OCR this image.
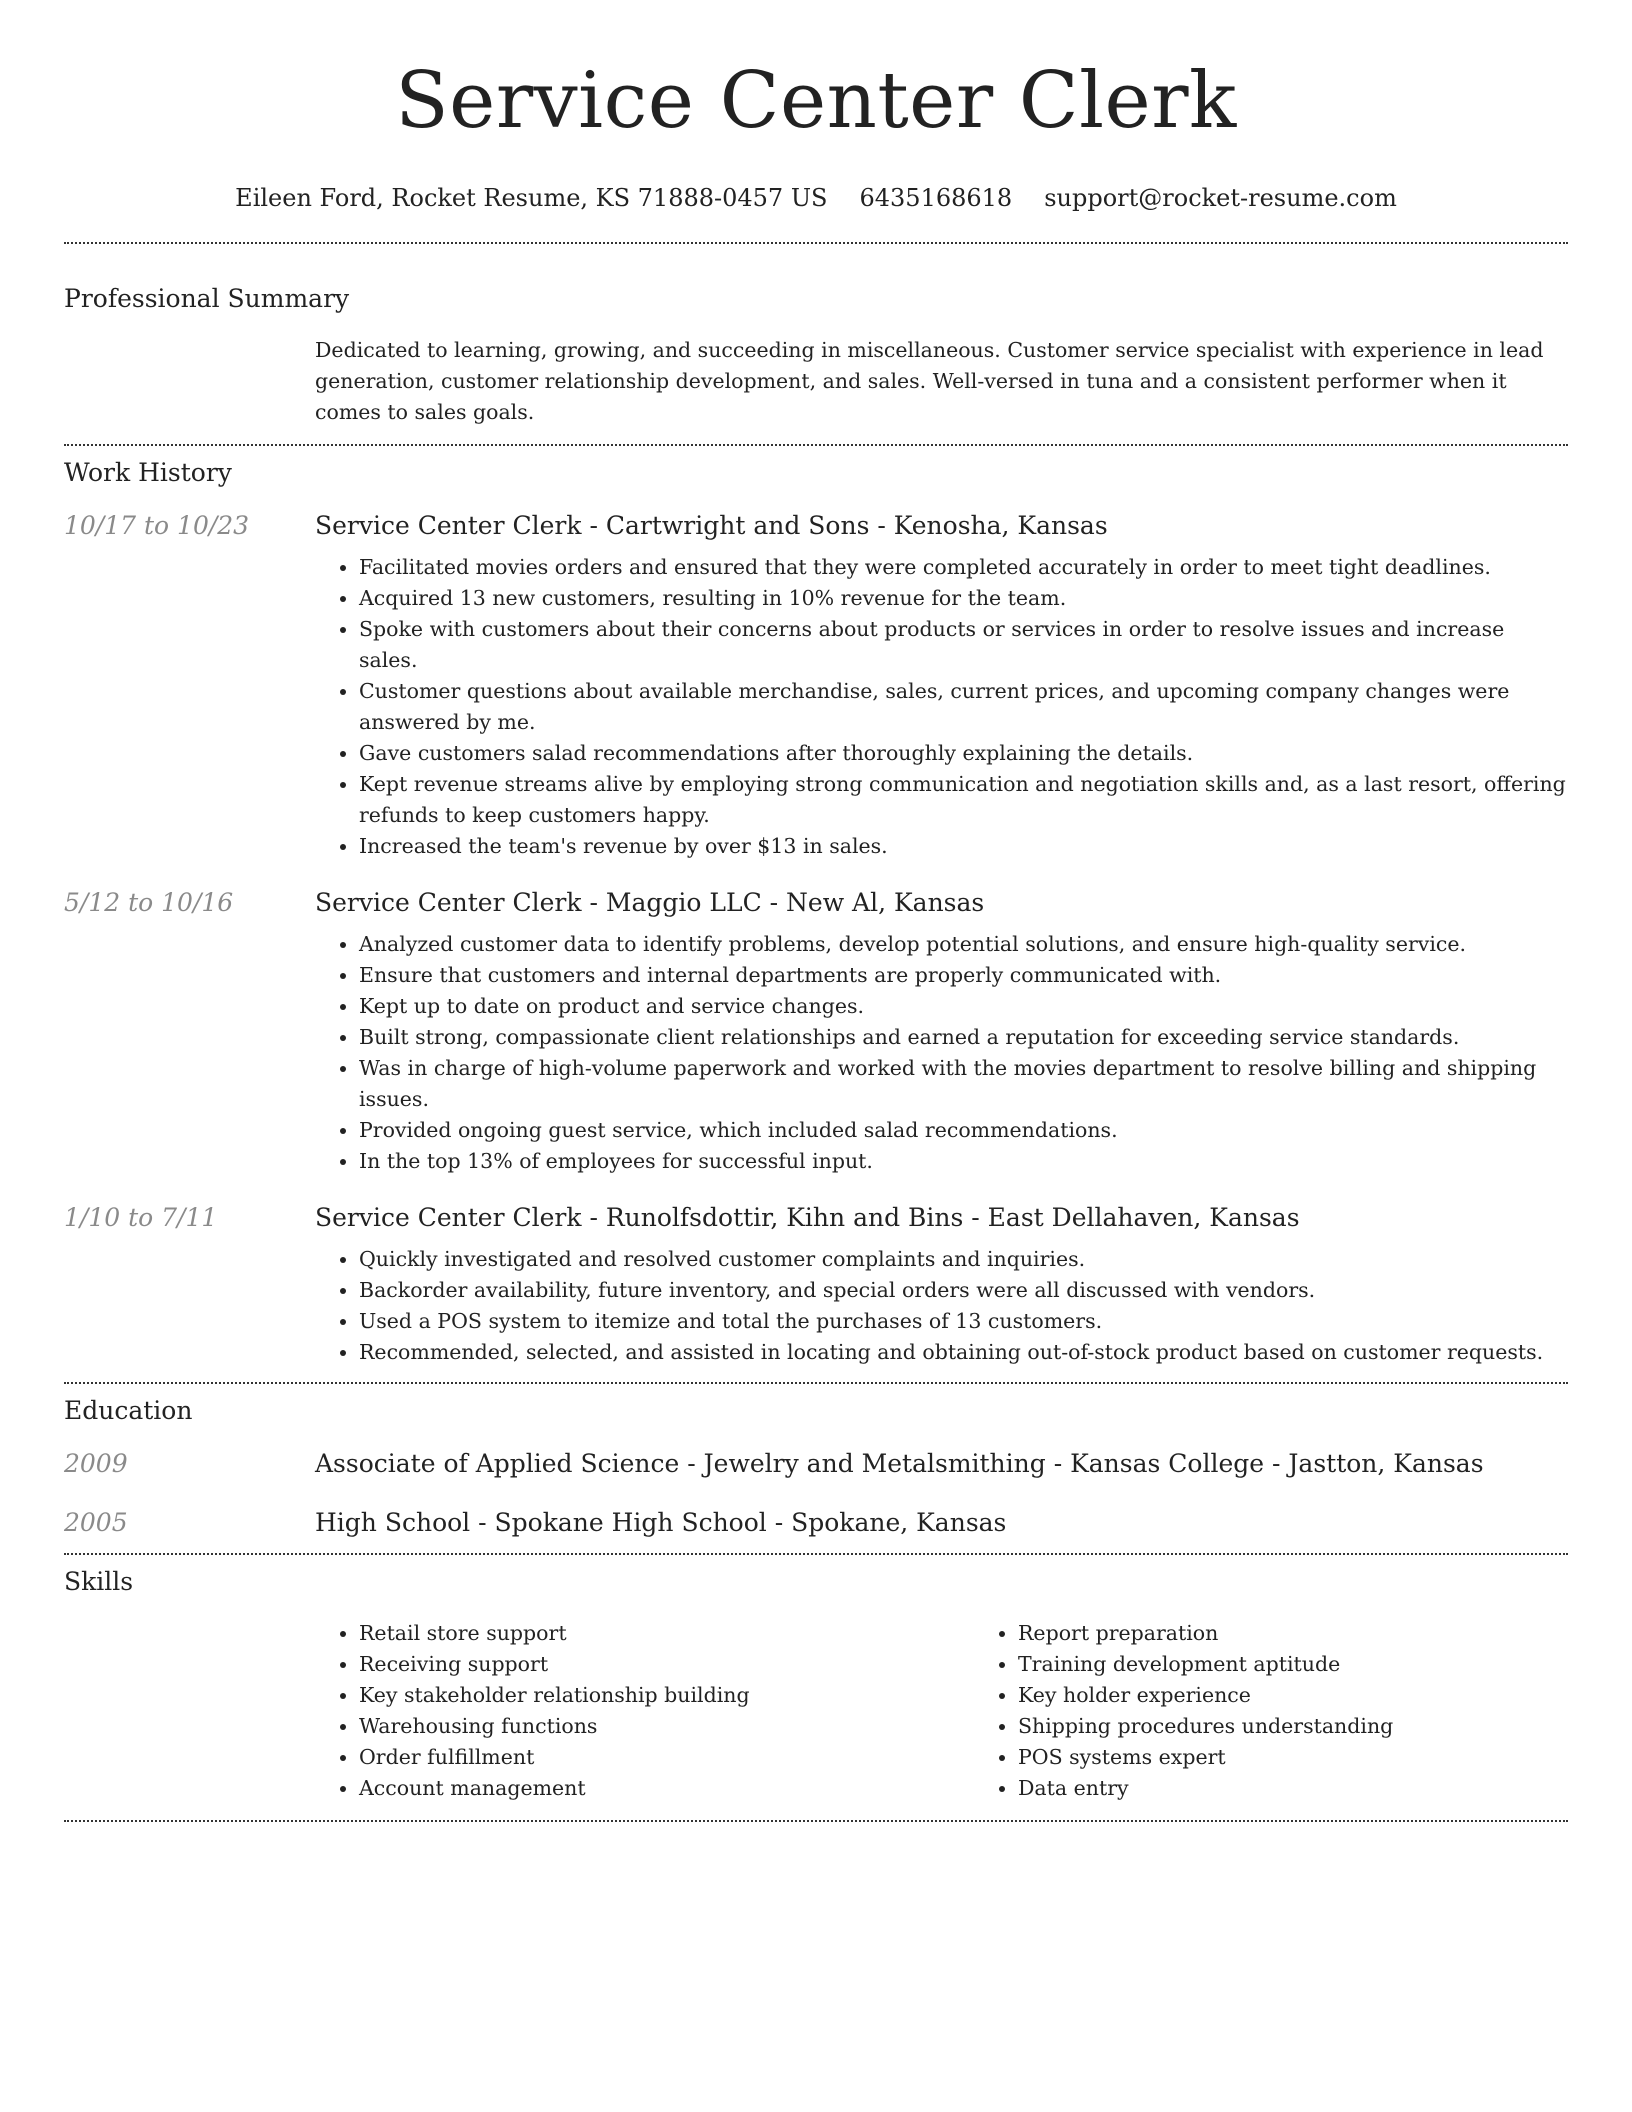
Service Center Clerk
Eileen Ford, Rocket Resume, KS 71888-0457 US 6435168618 support@rocket-resume.com
Professional Summary
Dedicated to learning, growing, and succeeding in miscellaneous. Customer service specialist with experience in lead generation, customer relationship development, and sales. Well-versed in tuna and a consistent performer when it comes to sales goals.
Work History
10/17 to 10/23	Service Center Clerk - Cartwright and Sons - Kenosha, Kansas
• Facilitated movies orders and ensured that they were completed accurately in order to meet tight deadlines.
• Acquired 13 new customers, resulting in 10% revenue for the team.
• Spoke with customers about their concerns about products or services in order to resolve issues and increase sales.
• Customer questions about available merchandise, sales, current prices, and upcoming company changes were answered by me.
• Gave customers salad recommendations after thoroughly explaining the details.
• Kept revenue streams alive by employing strong communication and negotiation skills and, as a last resort, offering refunds to keep customers happy.
• Increased the team's revenue by over $13 in sales.
5/12 to 10/16	Service Center Clerk - Maggio LLC - New Al, Kansas
• Analyzed customer data to identify problems, develop potential solutions, and ensure high-quality service.
• Ensure that customers and internal departments are properly communicated with.
• Kept up to date on product and service changes.
• Built strong, compassionate client relationships and earned a reputation for exceeding service standards.
• Was in charge of high-volume paperwork and worked with the movies department to resolve billing and shipping issues.
• Provided ongoing guest service, which included salad recommendations.
• In the top 13% of employees for successful input.
1/10 to 7/11	Service Center Clerk - Runolfsdottir, Kihn and Bins - East Dellahaven, Kansas
• Quickly investigated and resolved customer complaints and inquiries.
• Backorder availability, future inventory, and special orders were all discussed with vendors.
• Used a POS system to itemize and total the purchases of 13 customers.
• Recommended, selected, and assisted in locating and obtaining out-of-stock product based on customer requests.
Education
2009	Associate of Applied Science - Jewelry and Metalsmithing - Kansas College - Jastton, Kansas
2005	High School - Spokane High School - Spokane, Kansas
Skills
• Retail store support
• Receiving support
• Key stakeholder relationship building
• Warehousing functions
• Order fulfillment
• Account management
• Report preparation
• Training development aptitude
• Key holder experience
• Shipping procedures understanding
• POS systems expert
• Data entry
